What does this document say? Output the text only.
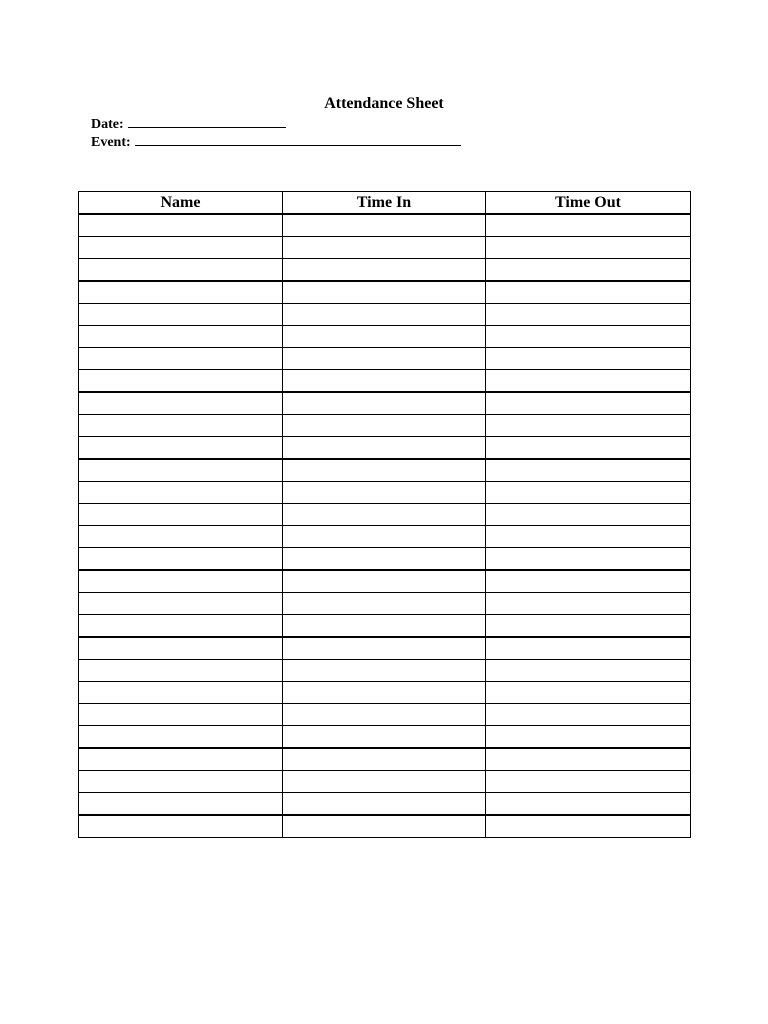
Attendance Sheet
Date:
Event:
Name	Time In	Time Out
